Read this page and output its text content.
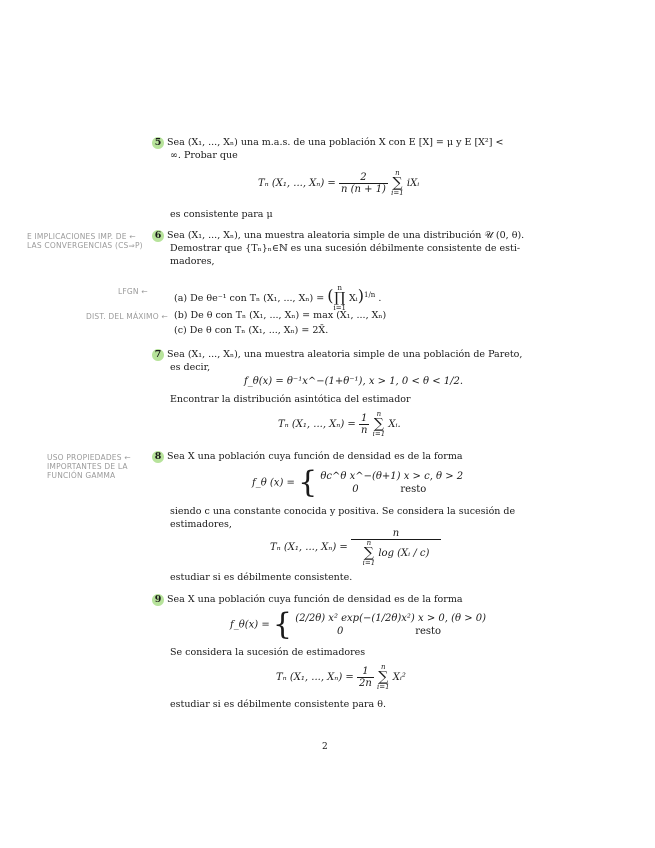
5 Sea (X₁, ..., Xₙ) una m.a.s. de una población X con E [X] = μ y E [X²] <
∞. Probar que
Tₙ (X₁, ..., $X_n) = \frac{2}{n (n + 1)}$ n
∑
i=1 iXᵢ
es consistente para μ
E IMPLICACIONES IMP. DE ← LAS CONVERGENCIAS (CS⇒P)
6 Sea (X₁, ..., Xₙ), una muestra aleatoria simple de una distribución 𝒰 (0, θ).
Demostrar que {Tₙ}ₙ∈ℕ es una sucesión débilmente consistente de esti-
madores,
LFGN ←
(a) De θe⁻¹ con Tₙ (X₁, ..., Xₙ) = ( n
∏
i=1 Xᵢ)$^{1/n}$ .
DIST. DEL MÁXIMO ← (b) De θ con Tₙ (X₁, ..., Xₙ) = max (X₁, ..., Xₙ)
(c) De θ con Tₙ (X₁, ..., Xₙ) = 2X̄.
7 Sea (X₁, ..., Xₙ), una muestra aleatoria simple de una población de Pareto,
es decir,
f_θ(x) = θ⁻¹x^−(1+θ⁻¹), x > 1, 0 < θ < 1/2.
Encontrar la distribución asintótica del estimador
Tₙ (X₁, ..., $X_n) = \frac{1}{n}$ n
∑
i=1 Xᵢ.
USO PROPIEDADES ← IMPORTANTES DE LA FUNCIÓN GAMMA
8 Sea X una población cuya función de densidad es de la forma
f_θ (x) = { θc^θ x^−(θ+1) x > c, θ > 2
0	resto
siendo c una constante conocida y positiva. Se considera la sucesión de
estimadores,
Tₙ (X₁, ..., Xₙ) = n
n
∑
i=1 log (Xᵢ / c)
estudiar si es débilmente consistente.
9 Sea X una población cuya función de densidad es de la forma
f_θ(x) = { (2/2θ) x² exp(−(1/2θ)x²) x > 0, (θ > 0)
0	resto
Se considera la sucesión de estimadores
Tₙ (X₁, ..., $X_n) = \frac{1}{2n}$ n
∑
i=1 Xᵢ²
estudiar si es débilmente consistente para θ.
2
